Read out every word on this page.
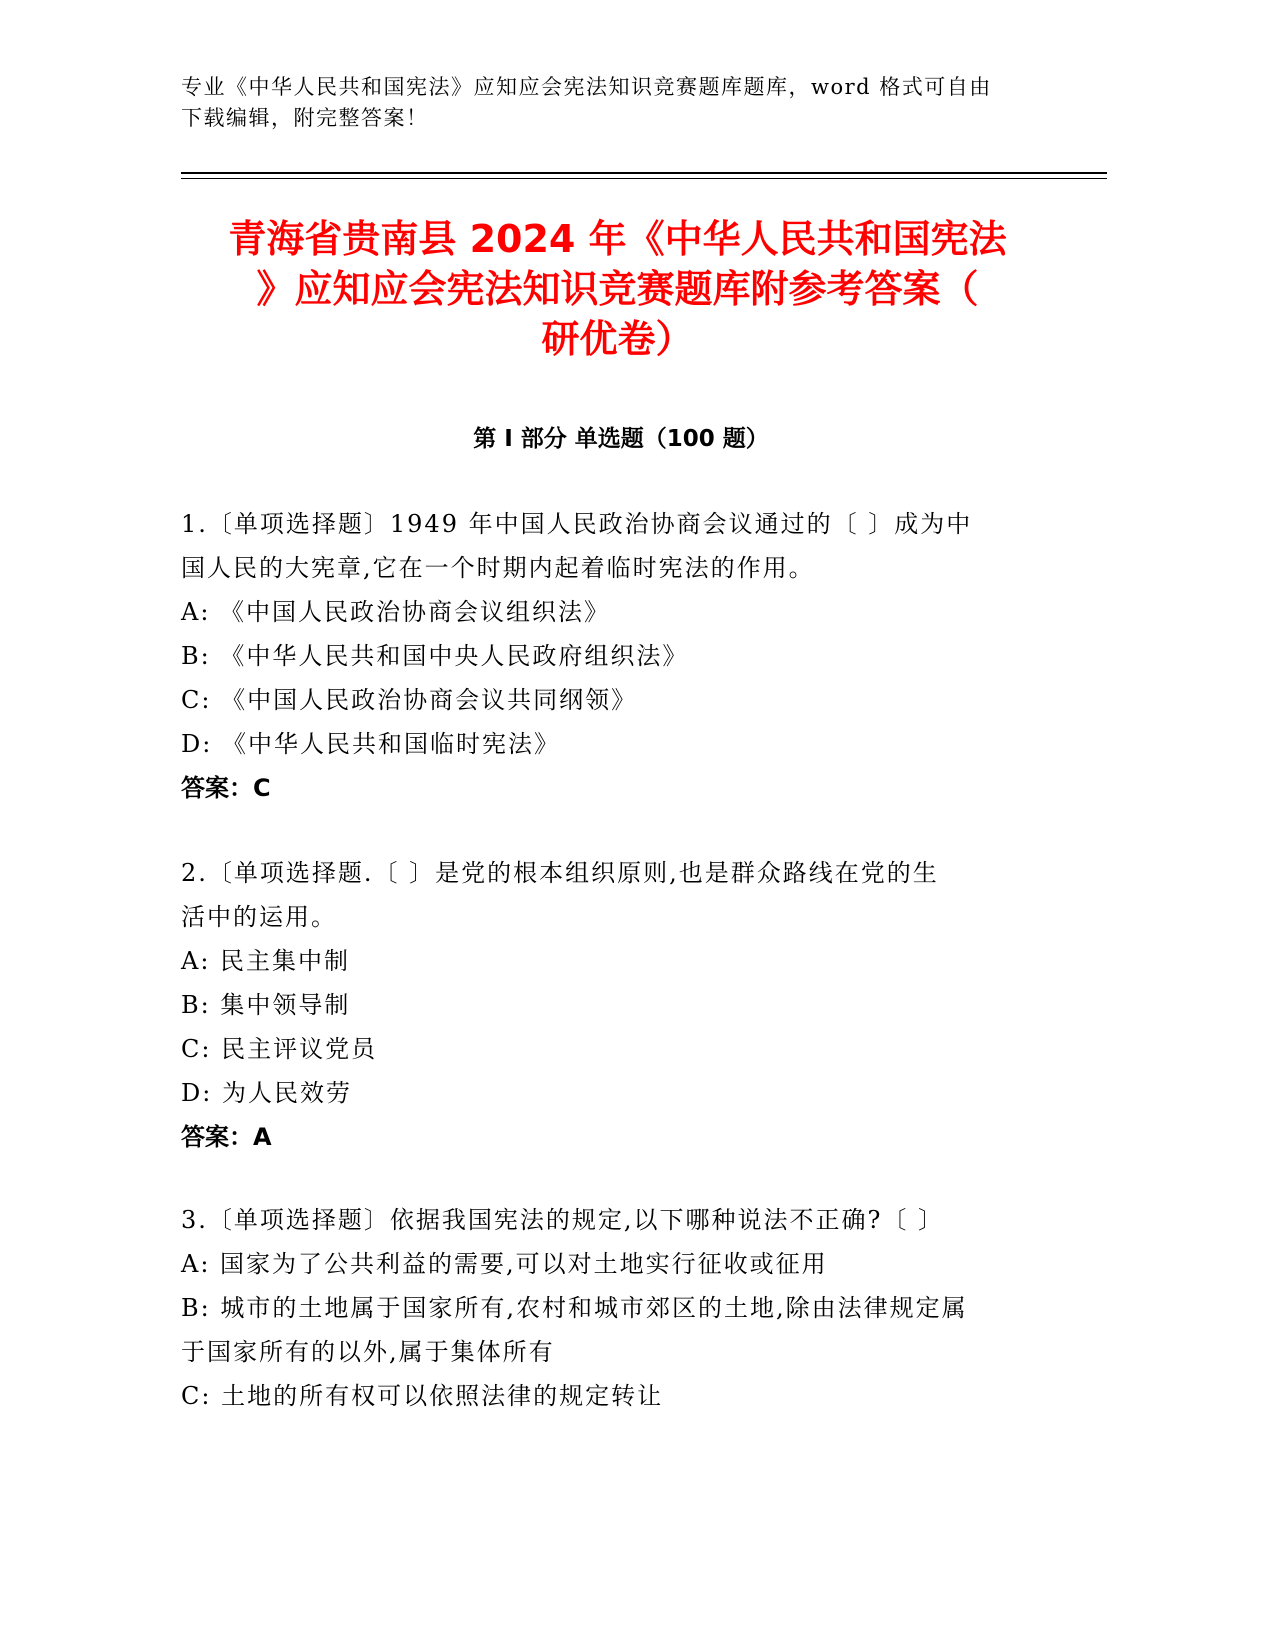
专业《中华人民共和国宪法》应知应会宪法知识竞赛题库题库，word 格式可自由
下载编辑，附完整答案！
青海省贵南县 2024 年《中华人民共和国宪法
》应知应会宪法知识竞赛题库附参考答案（
研优卷）
第 I 部分 单选题（100 题）

1.〔单项选择题〕1949 年中国人民政治协商会议通过的〔 〕成为中

国人民的大宪章,它在一个时期内起着临时宪法的作用。

A: 《中国人民政治协商会议组织法》

B: 《中华人民共和国中央人民政府组织法》

C: 《中国人民政治协商会议共同纲领》

D: 《中华人民共和国临时宪法》

答案：C

2.〔单项选择题.〔 〕是党的根本组织原则,也是群众路线在党的生

活中的运用。

A: 民主集中制

B: 集中领导制

C: 民主评议党员

D: 为人民效劳

答案：A

3.〔单项选择题〕依据我国宪法的规定,以下哪种说法不正确?〔 〕

A: 国家为了公共利益的需要,可以对土地实行征收或征用

B: 城市的土地属于国家所有,农村和城市郊区的土地,除由法律规定属

于国家所有的以外,属于集体所有

C: 土地的所有权可以依照法律的规定转让
